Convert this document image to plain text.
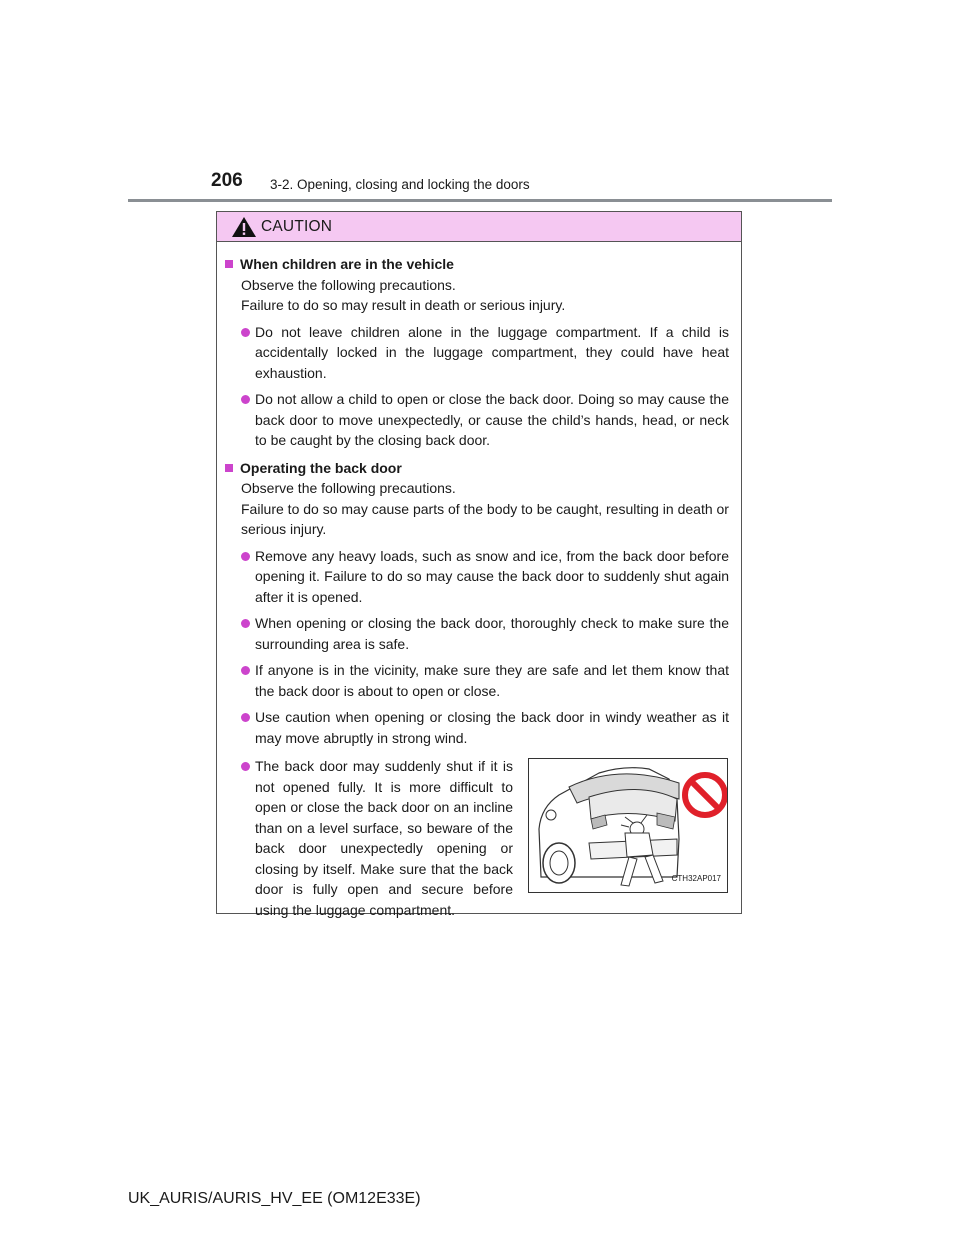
206 3-2. Opening, closing and locking the doors
CAUTION
When children are in the vehicle
Observe the following precautions.
Failure to do so may result in death or serious injury.
Do not leave children alone in the luggage compartment. If a child is accidentally locked in the luggage compartment, they could have heat exhaustion.
Do not allow a child to open or close the back door. Doing so may cause the back door to move unexpectedly, or cause the child’s hands, head, or neck to be caught by the closing back door.
Operating the back door
Observe the following precautions.
Failure to do so may cause parts of the body to be caught, resulting in death or serious injury.
Remove any heavy loads, such as snow and ice, from the back door before opening it. Failure to do so may cause the back door to suddenly shut again after it is opened.
When opening or closing the back door, thoroughly check to make sure the surrounding area is safe.
If anyone is in the vicinity, make sure they are safe and let them know that the back door is about to open or close.
Use caution when opening or closing the back door in windy weather as it may move abruptly in strong wind.
The back door may suddenly shut if it is not opened fully. It is more difficult to open or close the back door on an incline than on a level surface, so beware of the back door unexpectedly opening or closing by itself. Make sure that the back door is fully open and secure before using the luggage compartment.
CTH32AP017
UK_AURIS/AURIS_HV_EE (OM12E33E)
